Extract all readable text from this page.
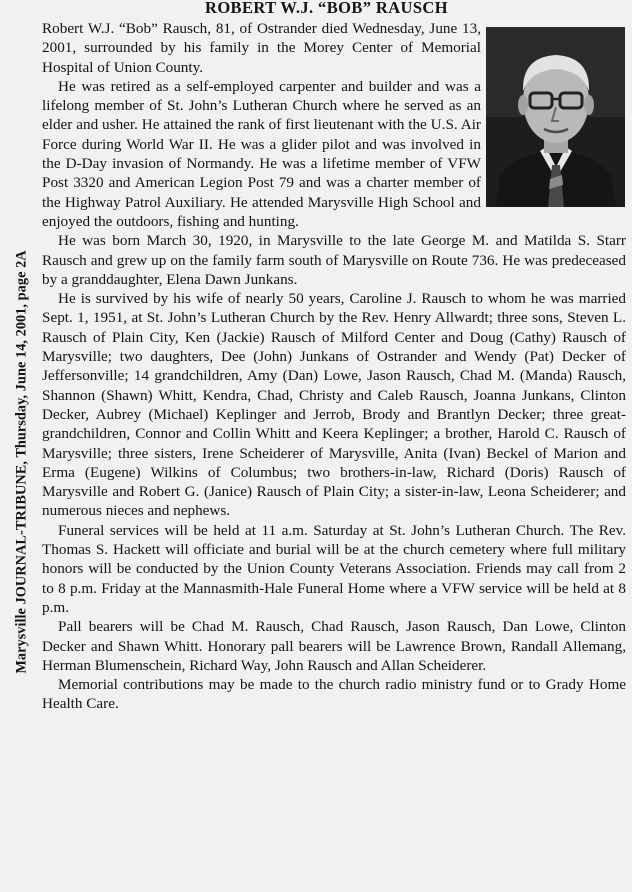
Marysville JOURNAL-TRIBUNE, Thursday, June 14, 2001, page 2A
ROBERT W.J. “BOB” RAUSCH

Robert W.J. “Bob” Rausch, 81, of Ostrander died Wednesday, June 13, 2001, surrounded by his family in the Morey Center of Memorial Hospital of Union County.

He was retired as a self-employed carpenter and builder and was a lifelong member of St. John’s Lutheran Church where he served as an elder and usher. He attained the rank of first lieutenant with the U.S. Air Force during World War II. He was a glider pilot and was involved in the D-Day invasion of Normandy. He was a lifetime member of VFW Post 3320 and American Legion Post 79 and was a charter member of the Highway Patrol Auxiliary. He attended Marysville High School and enjoyed the outdoors, fishing and hunting.

He was born March 30, 1920, in Marysville to the late George M. and Matilda S. Starr Rausch and grew up on the family farm south of Marysville on Route 736. He was predeceased by a granddaughter, Elena Dawn Junkans.

He is survived by his wife of nearly 50 years, Caroline J. Rausch to whom he was married Sept. 1, 1951, at St. John’s Lutheran Church by the Rev. Henry Allwardt; three sons, Steven L. Rausch of Plain City, Ken (Jackie) Rausch of Milford Center and Doug (Cathy) Rausch of Marysville; two daughters, Dee (John) Junkans of Ostrander and Wendy (Pat) Decker of Jeffersonville; 14 grandchildren, Amy (Dan) Lowe, Jason Rausch, Chad M. (Manda) Rausch, Shannon (Shawn) Whitt, Kendra, Chad, Christy and Caleb Rausch, Joanna Junkans, Clinton Decker, Aubrey (Michael) Keplinger and Jerrob, Brody and Brantlyn Decker; three great-grandchildren, Connor and Collin Whitt and Keera Keplinger; a brother, Harold C. Rausch of Marysville; three sisters, Irene Scheiderer of Marysville, Anita (Ivan) Beckel of Marion and Erma (Eugene) Wilkins of Columbus; two brothers-in-law, Richard (Doris) Rausch of Marysville and Robert G. (Janice) Rausch of Plain City; a sister-in-law, Leona Scheiderer; and numerous nieces and nephews.

Funeral services will be held at 11 a.m. Saturday at St. John’s Lutheran Church. The Rev. Thomas S. Hackett will officiate and burial will be at the church cemetery where full military honors will be conducted by the Union County Veterans Association. Friends may call from 2 to 8 p.m. Friday at the Mannasmith-Hale Funeral Home where a VFW service will be held at 8 p.m.

Pall bearers will be Chad M. Rausch, Chad Rausch, Jason Rausch, Dan Lowe, Clinton Decker and Shawn Whitt. Honorary pall bearers will be Lawrence Brown, Randall Allemang, Herman Blumenschein, Richard Way, John Rausch and Allan Scheiderer.

Memorial contributions may be made to the church radio ministry fund or to Grady Home Health Care.
